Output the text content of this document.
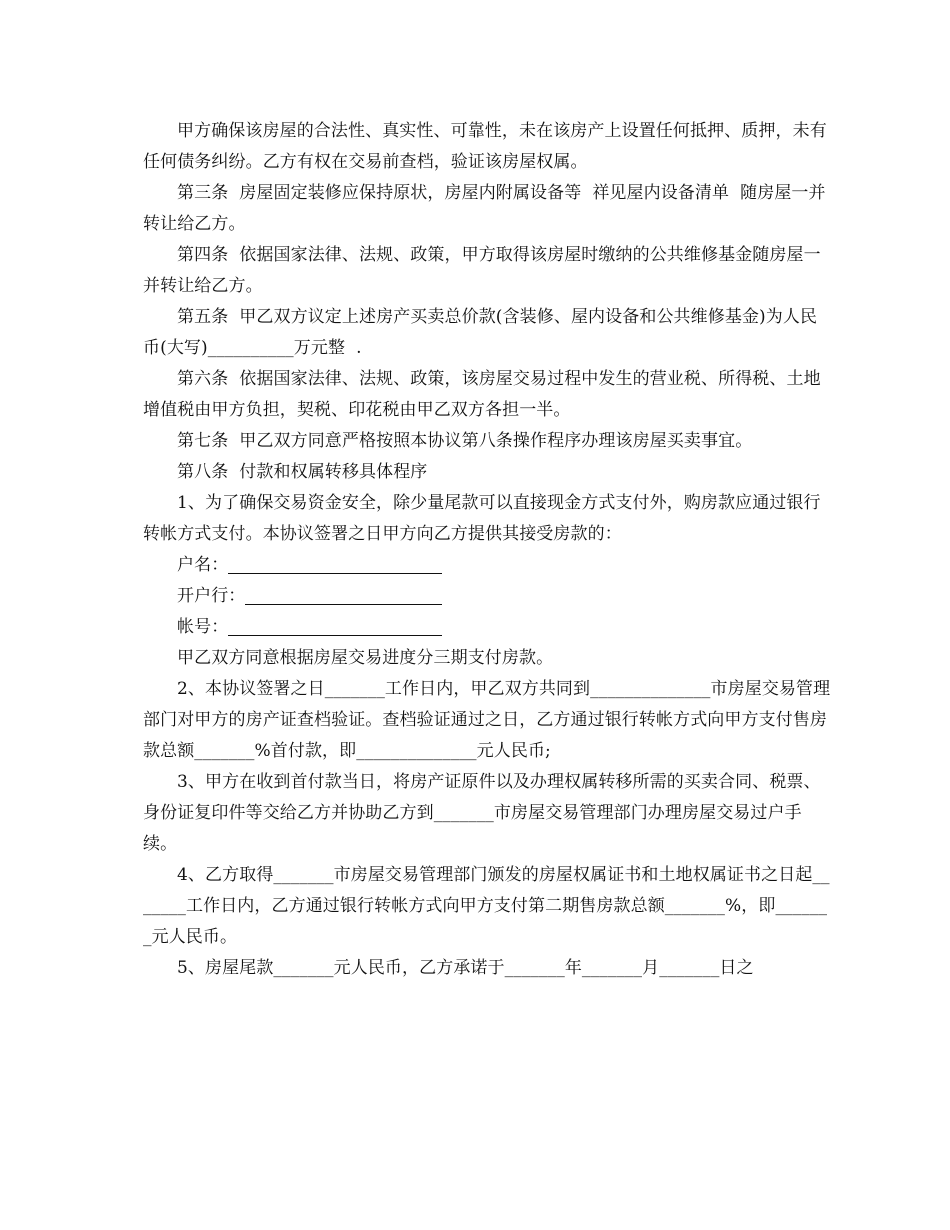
甲方确保该房屋的合法性、真实性、可靠性，未在该房产上设置任何抵押、质押，未有任何债务纠纷。乙方有权在交易前查档，验证该房屋权属。

第三条  房屋固定装修应保持原状，房屋内附属设备等  祥见屋内设备清单  随房屋一并转让给乙方。

第四条  依据国家法律、法规、政策，甲方取得该房屋时缴纳的公共维修基金随房屋一并转让给乙方。

第五条  甲乙双方议定上述房产买卖总价款(含装修、屋内设备和公共维修基金)为人民币(大写)__________万元整  .

第六条  依据国家法律、法规、政策，该房屋交易过程中发生的营业税、所得税、土地增值税由甲方负担，契税、印花税由甲乙双方各担一半。

第七条  甲乙双方同意严格按照本协议第八条操作程序办理该房屋买卖事宜。

第八条  付款和权属转移具体程序

1、为了确保交易资金安全，除少量尾款可以直接现金方式支付外，购房款应通过银行转帐方式支付。本协议签署之日甲方向乙方提供其接受房款的：

户名：
开户行：
帐号：

甲乙双方同意根据房屋交易进度分三期支付房款。

2、本协议签署之日_______工作日内，甲乙双方共同到______________市房屋交易管理部门对甲方的房产证查档验证。查档验证通过之日，乙方通过银行转帐方式向甲方支付售房款总额_______%首付款，即______________元人民币;

3、甲方在收到首付款当日，将房产证原件以及办理权属转移所需的买卖合同、税票、身份证复印件等交给乙方并协助乙方到_______市房屋交易管理部门办理房屋交易过户手续。

4、乙方取得_______市房屋交易管理部门颁发的房屋权属证书和土地权属证书之日起_______工作日内，乙方通过银行转帐方式向甲方支付第二期售房款总额_______%，即_______元人民币。

5、房屋尾款_______元人民币，乙方承诺于_______年_______月_______日之
